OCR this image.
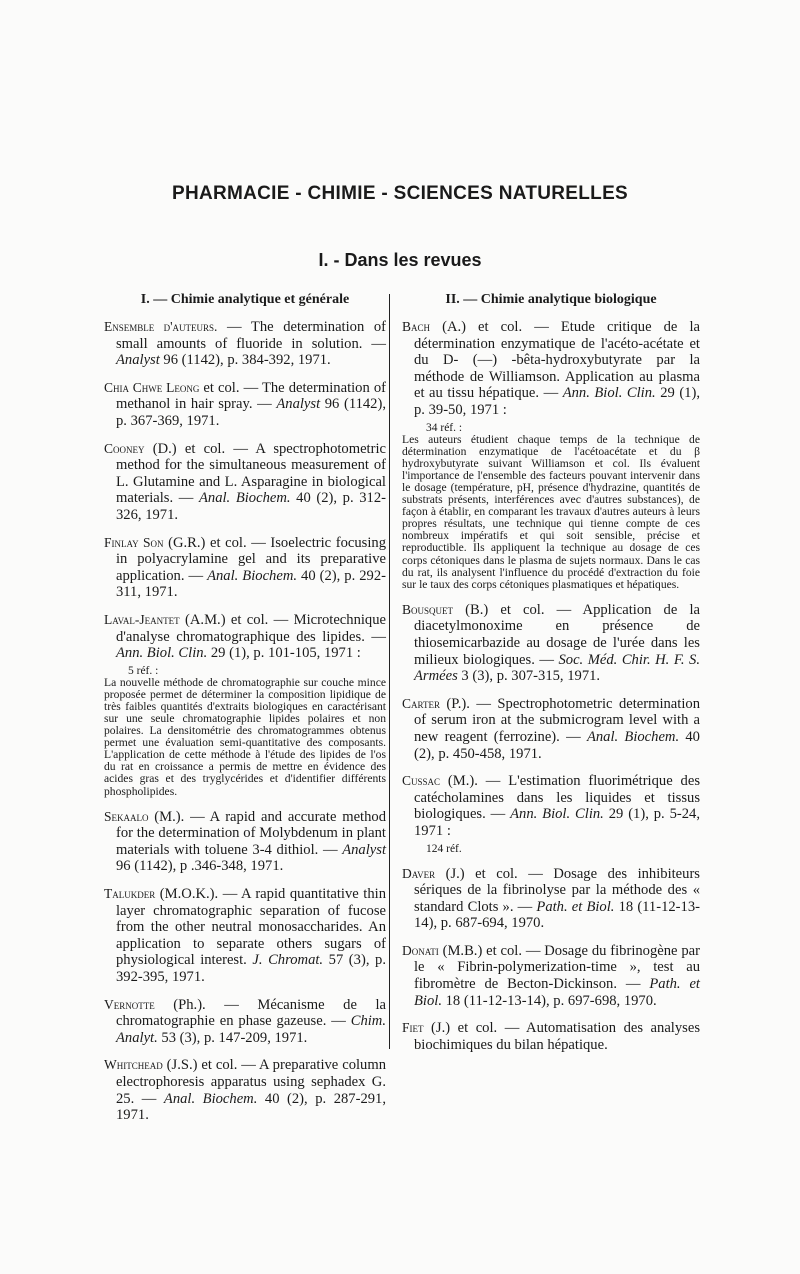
PHARMACIE - CHIMIE - SCIENCES NATURELLES
I. - Dans les revues
I. — Chimie analytique et générale
Ensemble d'auteurs. — The determination of small amounts of fluoride in solution. — Analyst 96 (1142), p. 384-392, 1971.
Chia Chwe Leong et col. — The determination of methanol in hair spray. — Analyst 96 (1142), p. 367-369, 1971.
Cooney (D.) et col. — A spectrophotometric method for the simultaneous measurement of L. Glutamine and L. Asparagine in biological materials. — Anal. Biochem. 40 (2), p. 312-326, 1971.
Finlay Son (G.R.) et col. — Isoelectric focusing in polyacrylamine gel and its preparative application. — Anal. Biochem. 40 (2), p. 292-311, 1971.
Laval-Jeantet (A.M.) et col. — Microtechnique d'analyse chromatographique des lipides. — Ann. Biol. Clin. 29 (1), p. 101-105, 1971 :
5 réf. :
La nouvelle méthode de chromatographie sur couche mince proposée permet de déterminer la composition lipidique de très faibles quantités d'extraits biologiques en caractérisant sur une seule chromatographie lipides polaires et non polaires. La densitométrie des chromatogrammes obtenus permet une évaluation semi-quantitative des composants. L'application de cette méthode à l'étude des lipides de l'os du rat en croissance a permis de mettre en évidence des acides gras et des tryglycérides et d'identifier différents phospholipides.
Sekaalo (M.). — A rapid and accurate method for the determination of Molybdenum in plant materials with toluene 3-4 dithiol. — Analyst 96 (1142), p .346-348, 1971.
Talukder (M.O.K.). — A rapid quantitative thin layer chromatographic separation of fucose from the other neutral monosaccharides. An application to separate others sugars of physiological interest. J. Chromat. 57 (3), p. 392-395, 1971.
Vernotte (Ph.). — Mécanisme de la chromatographie en phase gazeuse. — Chim. Analyt. 53 (3), p. 147-209, 1971.
Whitchead (J.S.) et col. — A preparative column electrophoresis apparatus using sephadex G. 25. — Anal. Biochem. 40 (2), p. 287-291, 1971.
II. — Chimie analytique biologique
Bach (A.) et col. — Etude critique de la détermination enzymatique de l'acéto-acétate et du D- (—) -bêta-hydroxybutyrate par la méthode de Williamson. Application au plasma et au tissu hépatique. — Ann. Biol. Clin. 29 (1), p. 39-50, 1971 :
34 réf. :
Les auteurs étudient chaque temps de la technique de détermination enzymatique de l'acétoacétate et du β hydroxybutyrate suivant Williamson et col. Ils évaluent l'importance de l'ensemble des facteurs pouvant intervenir dans le dosage (température, pH, présence d'hydrazine, quantités de substrats présents, interférences avec d'autres substances), de façon à établir, en comparant les travaux d'autres auteurs à leurs propres résultats, une technique qui tienne compte de ces nombreux impératifs et qui soit sensible, précise et reproductible. Ils appliquent la technique au dosage de ces corps cétoniques dans le plasma de sujets normaux. Dans le cas du rat, ils analysent l'influence du procédé d'extraction du foie sur le taux des corps cétoniques plasmatiques et hépatiques.
Bousquet (B.) et col. — Application de la diacetylmonoxime en présence de thiosemicarbazide au dosage de l'urée dans les milieux biologiques. — Soc. Méd. Chir. H. F. S. Armées 3 (3), p. 307-315, 1971.
Carter (P.). — Spectrophotometric determination of serum iron at the submicrogram level with a new reagent (ferrozine). — Anal. Biochem. 40 (2), p. 450-458, 1971.
Cussac (M.). — L'estimation fluorimétrique des catécholamines dans les liquides et tissus biologiques. — Ann. Biol. Clin. 29 (1), p. 5-24, 1971 :
124 réf.
Daver (J.) et col. — Dosage des inhibiteurs sériques de la fibrinolyse par la méthode des « standard Clots ». — Path. et Biol. 18 (11-12-13-14), p. 687-694, 1970.
Donati (M.B.) et col. — Dosage du fibrinogène par le « Fibrin-polymerization-time », test au fibromètre de Becton-Dickinson. — Path. et Biol. 18 (11-12-13-14), p. 697-698, 1970.
Fiet (J.) et col. — Automatisation des analyses biochimiques du bilan hépatique.
